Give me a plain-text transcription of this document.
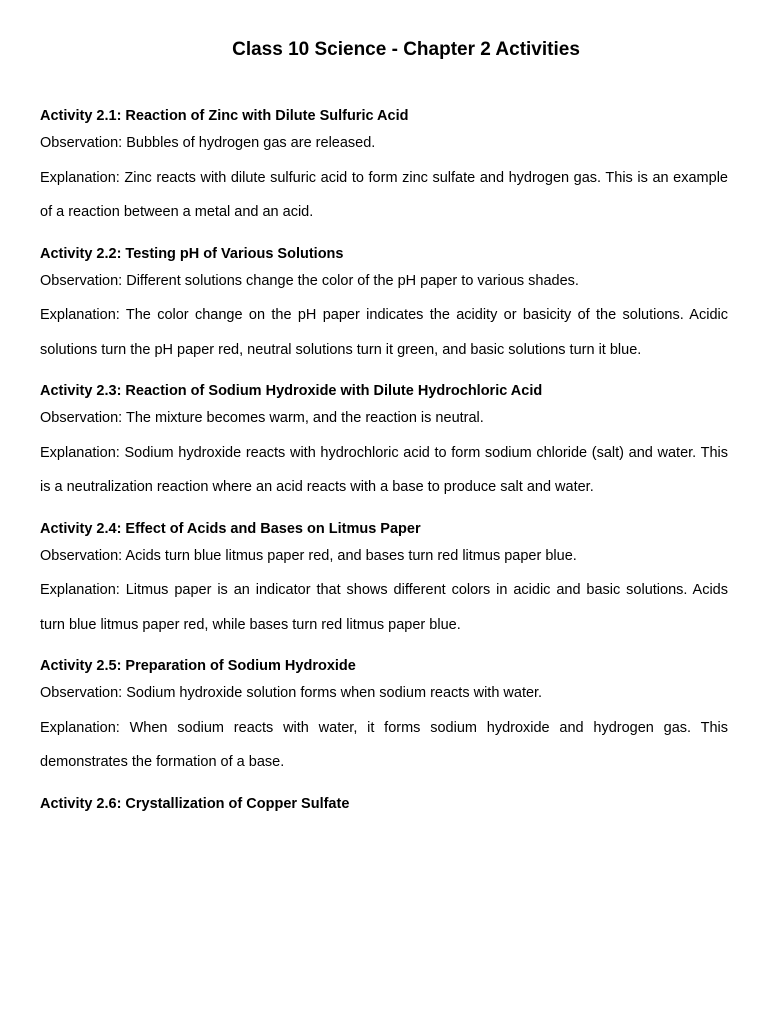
Class 10 Science - Chapter 2 Activities

Activity 2.1: Reaction of Zinc with Dilute Sulfuric Acid

Observation: Bubbles of hydrogen gas are released.

Explanation: Zinc reacts with dilute sulfuric acid to form zinc sulfate and hydrogen gas. This is an example of a reaction between a metal and an acid.

Activity 2.2: Testing pH of Various Solutions

Observation: Different solutions change the color of the pH paper to various shades.

Explanation: The color change on the pH paper indicates the acidity or basicity of the solutions. Acidic solutions turn the pH paper red, neutral solutions turn it green, and basic solutions turn it blue.

Activity 2.3: Reaction of Sodium Hydroxide with Dilute Hydrochloric Acid

Observation: The mixture becomes warm, and the reaction is neutral.

Explanation: Sodium hydroxide reacts with hydrochloric acid to form sodium chloride (salt) and water. This is a neutralization reaction where an acid reacts with a base to produce salt and water.

Activity 2.4: Effect of Acids and Bases on Litmus Paper

Observation: Acids turn blue litmus paper red, and bases turn red litmus paper blue.

Explanation: Litmus paper is an indicator that shows different colors in acidic and basic solutions. Acids turn blue litmus paper red, while bases turn red litmus paper blue.

Activity 2.5: Preparation of Sodium Hydroxide

Observation: Sodium hydroxide solution forms when sodium reacts with water.

Explanation: When sodium reacts with water, it forms sodium hydroxide and hydrogen gas. This demonstrates the formation of a base.

Activity 2.6: Crystallization of Copper Sulfate
